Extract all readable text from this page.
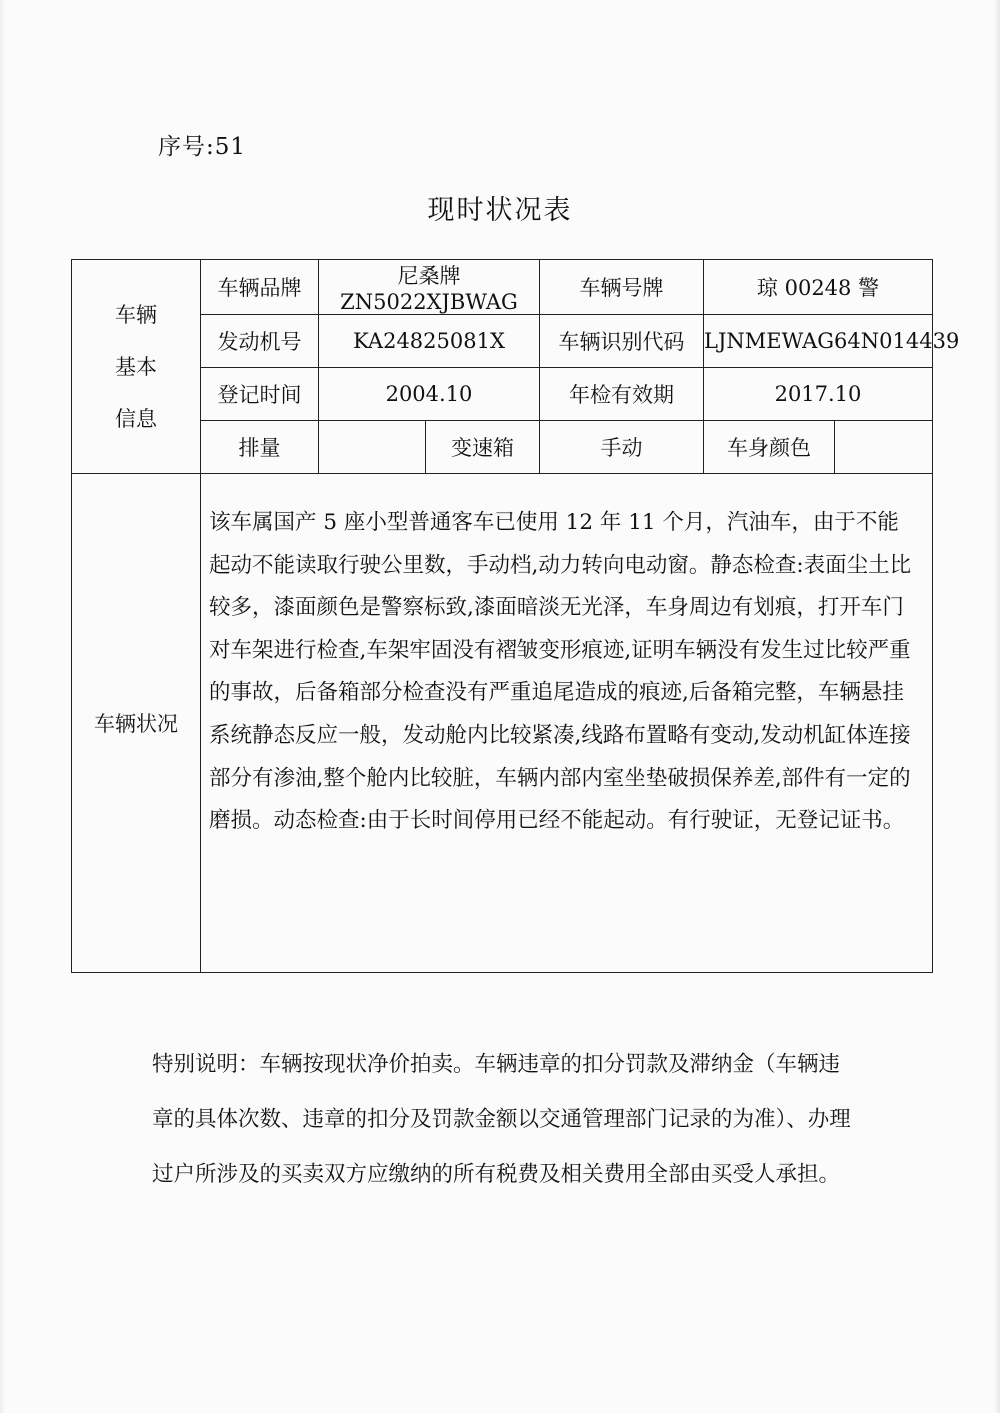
序号:51
现时状况表
车辆
基本
信息	车辆品牌	尼桑牌 ZN5022XJBWAG		车辆号牌	琼 00248 警	
	发动机号	KA24825081X		车辆识别代码	LJNMEWAG64N014439	
	登记时间	2004.10		年检有效期	2017.10	
	排量		变速箱	手动	车身颜色	
车辆状况	该车属国产 5 座小型普通客车已使用 12 年 11 个月，汽油车，由于不能起动不能读取行驶公里数，手动档,动力转向电动窗。静态检查:表面尘土比较多，漆面颜色是警察标致,漆面暗淡无光泽，车身周边有划痕，打开车门对车架进行检查,车架牢固没有褶皱变形痕迹,证明车辆没有发生过比较严重的事故，后备箱部分检查没有严重追尾造成的痕迹,后备箱完整，车辆悬挂系统静态反应一般，发动舱内比较紧凑,线路布置略有变动,发动机缸体连接部分有渗油,整个舱内比较脏，车辆内部内室坐垫破损保养差,部件有一定的磨损。动态检查:由于长时间停用已经不能起动。有行驶证，无登记证书。					
特别说明：车辆按现状净价拍卖。车辆违章的扣分罚款及滞纳金（车辆违章的具体次数、违章的扣分及罚款金额以交通管理部门记录的为准）、办理过户所涉及的买卖双方应缴纳的所有税费及相关费用全部由买受人承担。
